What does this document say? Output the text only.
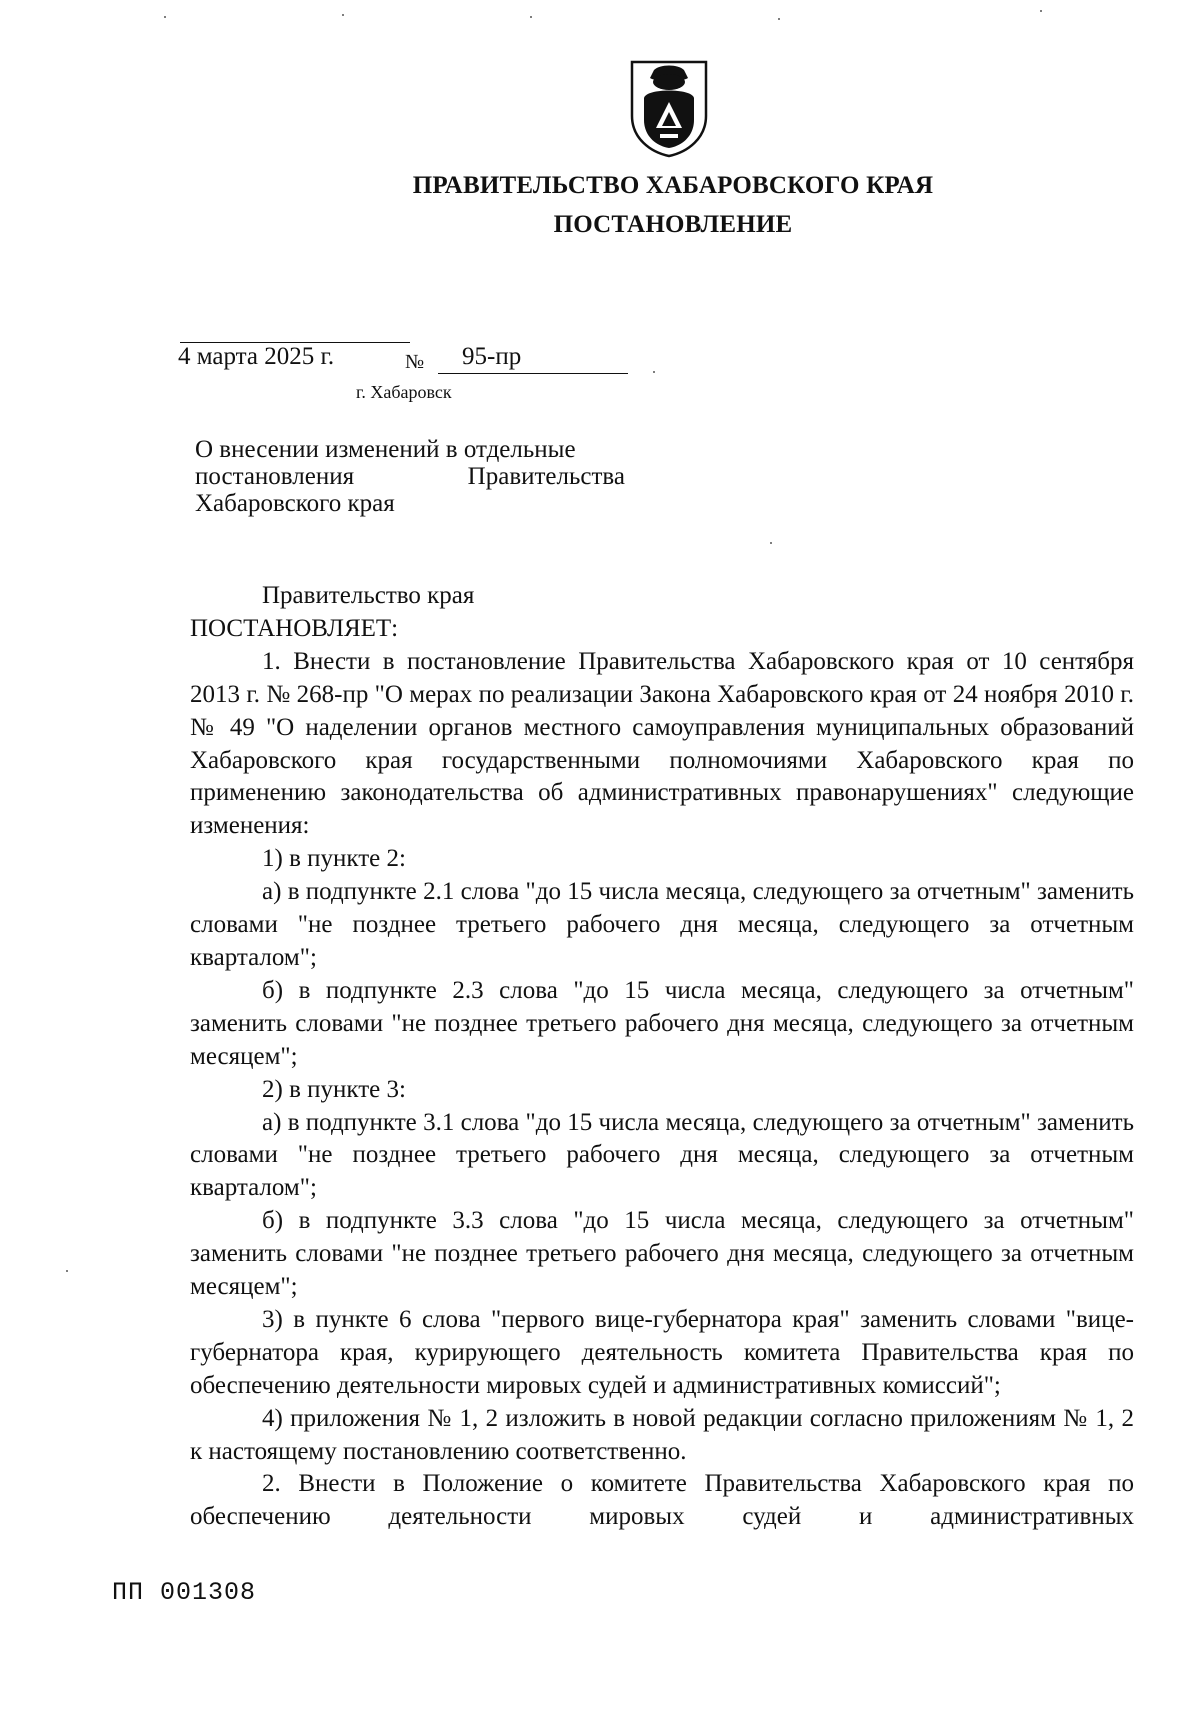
ПРАВИТЕЛЬСТВО ХАБАРОВСКОГО КРАЯ
ПОСТАНОВЛЕНИЕ
4 марта 2025 г.	№ 95-пр
г. Хабаровск
О внесении изменений в отдельные
постановления	Правительства
Хабаровского края

Правительство края

ПОСТАНОВЛЯЕТ:

1. Внести в постановление Правительства Хабаровского края от 10 сентября 2013 г. № 268-пр "О мерах по реализации Закона Хабаровского края от 24 ноября 2010 г. № 49 "О наделении органов местного самоуправления муниципальных образований Хабаровского края государственными полномочиями Хабаровского края по применению законодательства об административных правонарушениях" следующие изменения:

1) в пункте 2:

а) в подпункте 2.1 слова "до 15 числа месяца, следующего за отчетным" заменить словами "не позднее третьего рабочего дня месяца, следующего за отчетным кварталом";

б) в подпункте 2.3 слова "до 15 числа месяца, следующего за отчетным" заменить словами "не позднее третьего рабочего дня месяца, следующего за отчетным месяцем";

2) в пункте 3:

а) в подпункте 3.1 слова "до 15 числа месяца, следующего за отчетным" заменить словами "не позднее третьего рабочего дня месяца, следующего за отчетным кварталом";

б) в подпункте 3.3 слова "до 15 числа месяца, следующего за отчетным" заменить словами "не позднее третьего рабочего дня месяца, следующего за отчетным месяцем";

3) в пункте 6 слова "первого вице-губернатора края" заменить словами "вице-губернатора края, курирующего деятельность комитета Правительства края по обеспечению деятельности мировых судей и административных комиссий";

4) приложения № 1, 2 изложить в новой редакции согласно приложениям № 1, 2 к настоящему постановлению соответственно.

2. Внести в Положение о комитете Правительства Хабаровского края по обеспечению деятельности мировых судей и административных

ПП 001308
